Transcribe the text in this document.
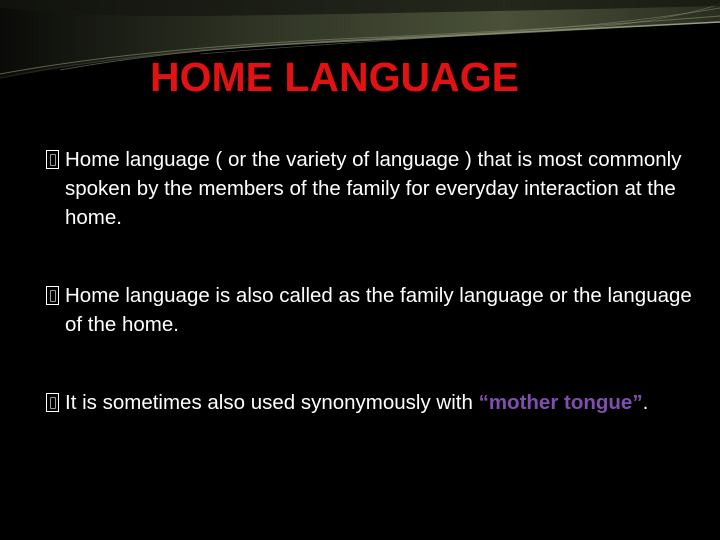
HOME LANGUAGE
Home language ( or the variety of language ) that is most commonly spoken by the members of the family for everyday interaction at the home.
Home language is also called as the family language or the language of the home.
It is sometimes also used synonymously with “mother tongue”.
